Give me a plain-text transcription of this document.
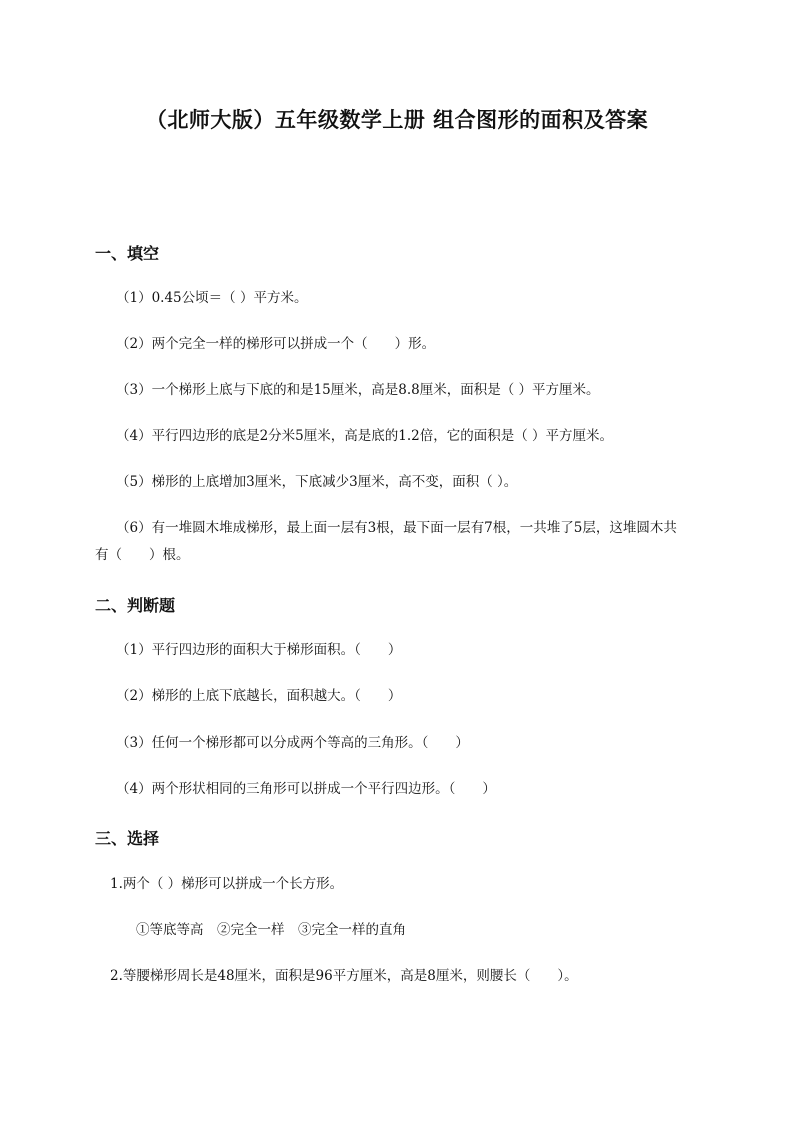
（北师大版）五年级数学上册 组合图形的面积及答案
一、填空
（1）0.45公顷＝（ ）平方米。
（2）两个完全一样的梯形可以拼成一个（　　）形。
（3）一个梯形上底与下底的和是15厘米，高是8.8厘米，面积是（ ）平方厘米。
（4）平行四边形的底是2分米5厘米，高是底的1.2倍，它的面积是（ ）平方厘米。
（5）梯形的上底增加3厘米，下底减少3厘米，高不变，面积（ ）。
（6）有一堆圆木堆成梯形，最上面一层有3根，最下面一层有7根，一共堆了5层，这堆圆木共
有（　　）根。
二、判断题
（1）平行四边形的面积大于梯形面积。（　　）
（2）梯形的上底下底越长，面积越大。（　　）
（3）任何一个梯形都可以分成两个等高的三角形。（　　）
（4）两个形状相同的三角形可以拼成一个平行四边形。（　　）
三、选择
1.两个（ ）梯形可以拼成一个长方形。
①等底等高　②完全一样　③完全一样的直角
2.等腰梯形周长是48厘米，面积是96平方厘米，高是8厘米，则腰长（　　）。
